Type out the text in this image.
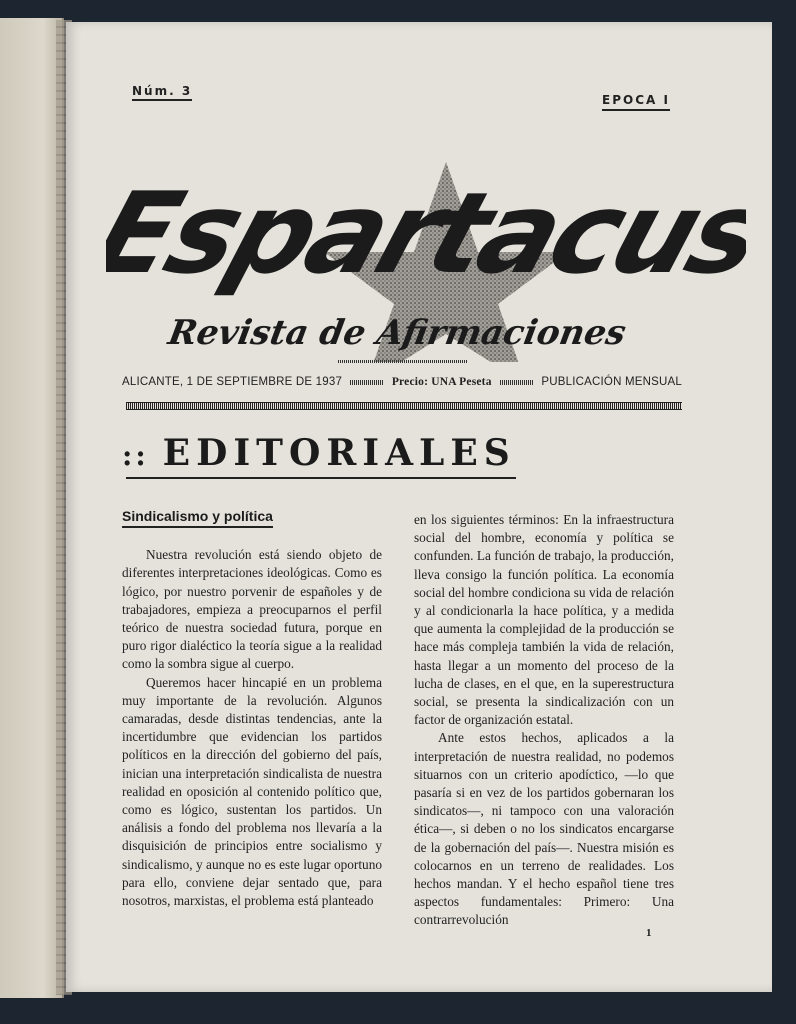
Núm. 3
EPOCA I
Espartacus
Revista de Afirmaciones
ALICANTE, 1 DE SEPTIEMBRE DE 1937	Precio: UNA Peseta	PUBLICACIÓN MENSUAL
:: EDITORIALES
Sindicalismo y política

Nuestra revolución está siendo objeto de diferentes interpretaciones ideológicas. Como es lógico, por nuestro porvenir de españoles y de trabajadores, empieza a preocuparnos el perfil teórico de nuestra sociedad futura, porque en puro rigor dialéctico la teoría sigue a la realidad como la sombra sigue al cuerpo.

Queremos hacer hincapié en un problema muy importante de la revolución. Algunos camaradas, desde distintas tendencias, ante la incertidumbre que evidencian los partidos políticos en la dirección del gobierno del país, inician una interpretación sindicalista de nuestra realidad en oposición al contenido político que, como es lógico, sustentan los partidos. Un análisis a fondo del problema nos llevaría a la disquisición de principios entre socialismo y sindicalismo, y aunque no es este lugar oportuno para ello, conviene dejar sentado que, para nosotros, marxistas, el problema está planteado

en los siguientes términos: En la infraestructura social del hombre, economía y política se confunden. La función de trabajo, la producción, lleva consigo la función política. La economía social del hombre condiciona su vida de relación y al condicionarla la hace política, y a medida que aumenta la complejidad de la producción se hace más compleja también la vida de relación, hasta llegar a un momento del proceso de la lucha de clases, en el que, en la superestructura social, se presenta la sindicalización con un factor de organización estatal.

Ante estos hechos, aplicados a la interpretación de nuestra realidad, no podemos situarnos con un criterio apodíctico, —lo que pasaría si en vez de los partidos gobernaran los sindicatos—, ni tampoco con una valoración ética—, si deben o no los sindicatos encargarse de la gobernación del país—. Nuestra misión es colocarnos en un terreno de realidades. Los hechos mandan. Y el hecho español tiene tres aspectos fundamentales: Primero: Una contrarrevolución

1
